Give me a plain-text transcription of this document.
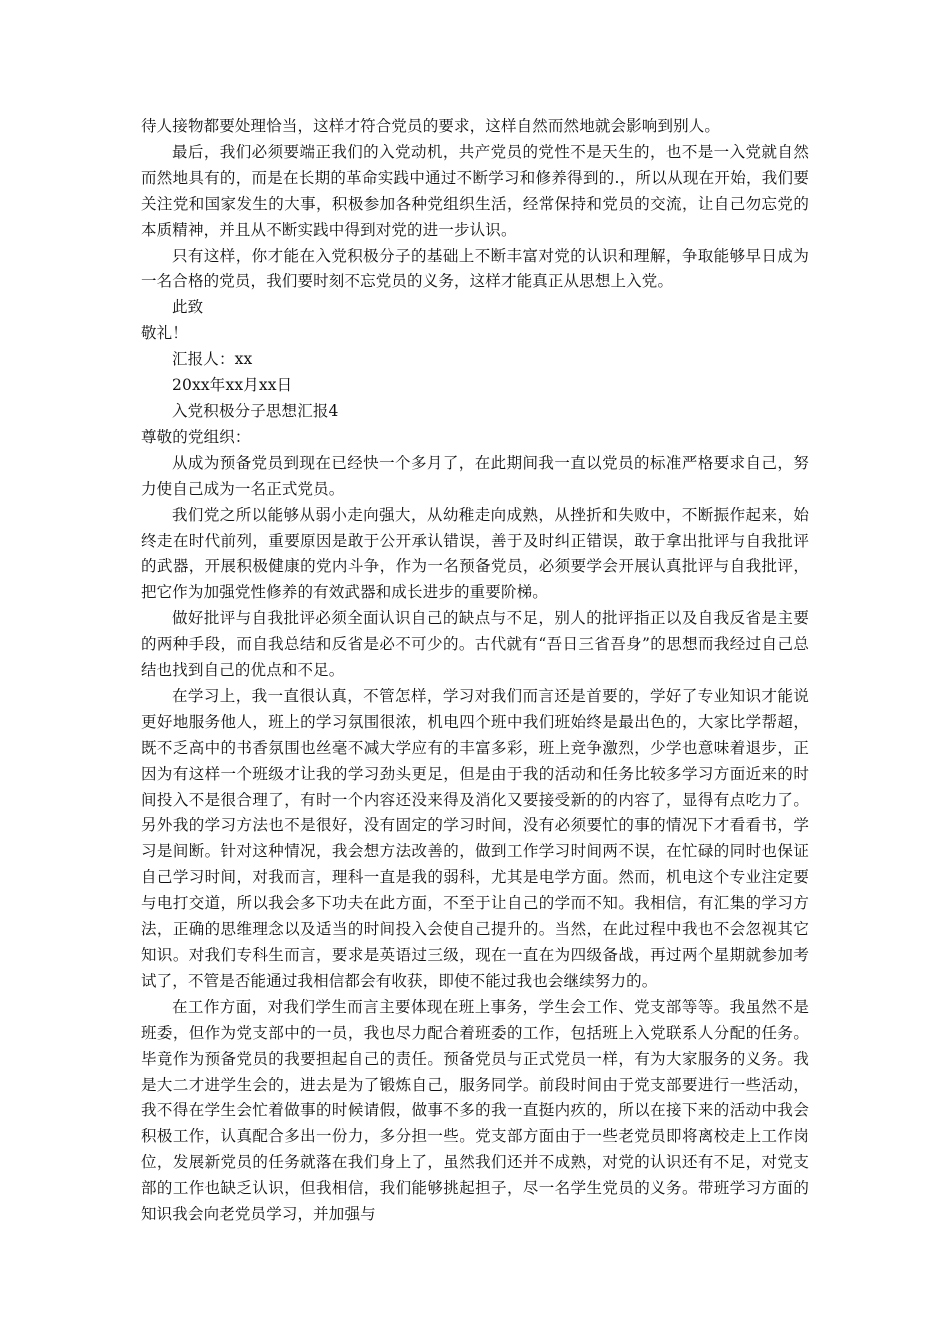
待人接物都要处理恰当，这样才符合党员的要求，这样自然而然地就会影响到别人。

最后，我们必须要端正我们的入党动机，共产党员的党性不是天生的，也不是一入党就自然而然地具有的，而是在长期的革命实践中通过不断学习和修养得到的.，所以从现在开始，我们要关注党和国家发生的大事，积极参加各种党组织生活，经常保持和党员的交流，让自己勿忘党的本质精神，并且从不断实践中得到对党的进一步认识。

只有这样，你才能在入党积极分子的基础上不断丰富对党的认识和理解，争取能够早日成为一名合格的党员，我们要时刻不忘党员的义务，这样才能真正从思想上入党。

此致

敬礼！

汇报人：xx

20xx年xx月xx日

入党积极分子思想汇报4

尊敬的党组织：

从成为预备党员到现在已经快一个多月了，在此期间我一直以党员的标准严格要求自己，努力使自己成为一名正式党员。

我们党之所以能够从弱小走向强大，从幼稚走向成熟，从挫折和失败中，不断振作起来，始终走在时代前列，重要原因是敢于公开承认错误，善于及时纠正错误，敢于拿出批评与自我批评的武器，开展积极健康的党内斗争，作为一名预备党员，必须要学会开展认真批评与自我批评，把它作为加强党性修养的有效武器和成长进步的重要阶梯。

做好批评与自我批评必须全面认识自己的缺点与不足，别人的批评指正以及自我反省是主要的两种手段，而自我总结和反省是必不可少的。古代就有“吾日三省吾身”的思想而我经过自己总结也找到自己的优点和不足。

在学习上，我一直很认真，不管怎样，学习对我们而言还是首要的，学好了专业知识才能说更好地服务他人，班上的学习氛围很浓，机电四个班中我们班始终是最出色的，大家比学帮超，既不乏高中的书香氛围也丝毫不减大学应有的丰富多彩，班上竞争激烈，少学也意味着退步，正因为有这样一个班级才让我的学习劲头更足，但是由于我的活动和任务比较多学习方面近来的时间投入不是很合理了，有时一个内容还没来得及消化又要接受新的的内容了，显得有点吃力了。另外我的学习方法也不是很好，没有固定的学习时间，没有必须要忙的事的情况下才看看书，学习是间断。针对这种情况，我会想方法改善的，做到工作学习时间两不误，在忙碌的同时也保证自己学习时间，对我而言，理科一直是我的弱科，尤其是电学方面。然而，机电这个专业注定要与电打交道，所以我会多下功夫在此方面，不至于让自己的学而不知。我相信，有汇集的学习方法，正确的思维理念以及适当的时间投入会使自己提升的。当然，在此过程中我也不会忽视其它知识。对我们专科生而言，要求是英语过三级，现在一直在为四级备战，再过两个星期就参加考试了，不管是否能通过我相信都会有收获，即使不能过我也会继续努力的。

在工作方面，对我们学生而言主要体现在班上事务，学生会工作、党支部等等。我虽然不是班委，但作为党支部中的一员，我也尽力配合着班委的工作，包括班上入党联系人分配的任务。毕竟作为预备党员的我要担起自己的责任。预备党员与正式党员一样，有为大家服务的义务。我是大二才进学生会的，进去是为了锻炼自己，服务同学。前段时间由于党支部要进行一些活动，我不得在学生会忙着做事的时候请假，做事不多的我一直挺内疚的，所以在接下来的活动中我会积极工作，认真配合多出一份力，多分担一些。党支部方面由于一些老党员即将离校走上工作岗位，发展新党员的任务就落在我们身上了，虽然我们还并不成熟，对党的认识还有不足，对党支部的工作也缺乏认识，但我相信，我们能够挑起担子，尽一名学生党员的义务。带班学习方面的知识我会向老党员学习，并加强与
